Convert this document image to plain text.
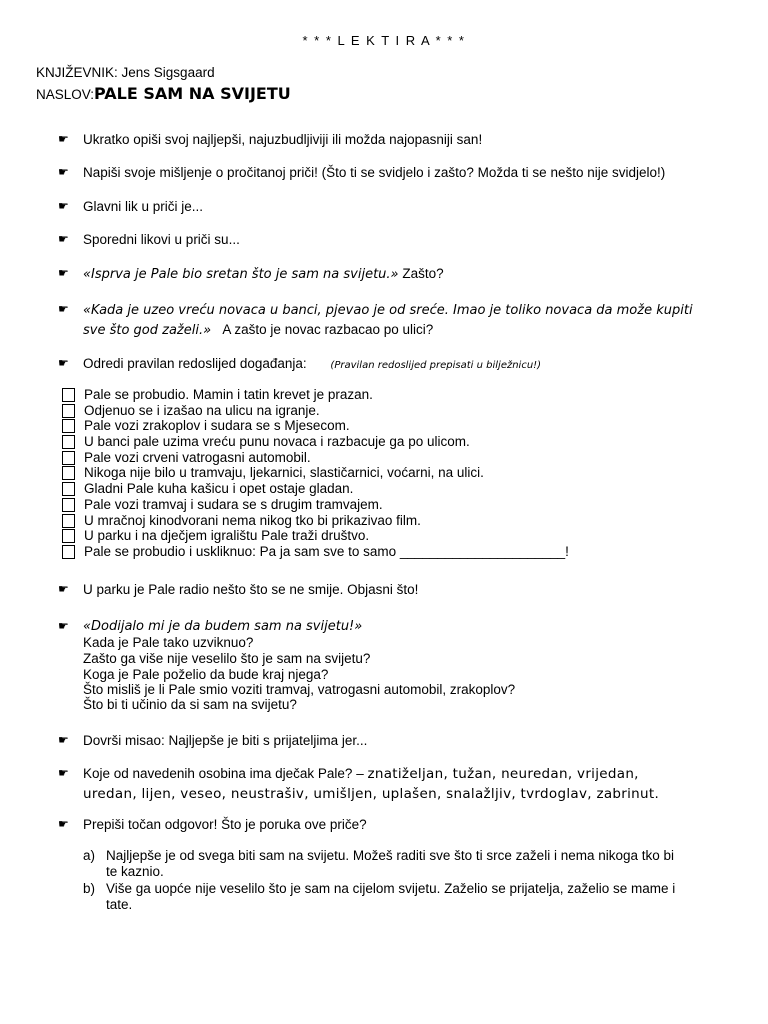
* * * L E K T I R A * * *
KNJIŽEVNIK: Jens Sigsgaard
NASLOV:PALE SAM NA SVIJETU
☛ Ukratko opiši svoj najljepši, najuzbudljiviji ili možda najopasniji san!
☛ Napiši svoje mišljenje o pročitanoj priči! (Što ti se svidjelo i zašto? Možda ti se nešto nije svidjelo!)
☛ Glavni lik u priči je...
☛ Sporedni likovi u priči su...
☛ «Isprva je Pale bio sretan što je sam na svijetu.» Zašto?
☛ «Kada je uzeo vreću novaca u banci, pjevao je od sreće. Imao je toliko novaca da može kupiti
sve što god zaželi.» A zašto je novac razbacao po ulici?
☛ Odredi pravilan redoslijed događanja: (Pravilan redoslijed prepisati u bilježnicu!)
Pale se probudio. Mamin i tatin krevet je prazan.
Odjenuo se i izašao na ulicu na igranje.
Pale vozi zrakoplov i sudara se s Mjesecom.
U banci pale uzima vreću punu novaca i razbacuje ga po ulicom.
Pale vozi crveni vatrogasni automobil.
Nikoga nije bilo u tramvaju, ljekarnici, slastičarnici, voćarni, na ulici.
Gladni Pale kuha kašicu i opet ostaje gladan.
Pale vozi tramvaj i sudara se s drugim tramvajem.
U mračnoj kinodvorani nema nikog tko bi prikazivao film.
U parku i na dječjem igralištu Pale traži društvo.
Pale se probudio i uskliknuo: Pa ja sam sve to samo ______________________!
☛ U parku je Pale radio nešto što se ne smije. Objasni što!
☛ «Dodijalo mi je da budem sam na svijetu!»
Kada je Pale tako uzviknuo?
Zašto ga više nije veselilo što je sam na svijetu?
Koga je Pale poželio da bude kraj njega?
Što misliš je li Pale smio voziti tramvaj, vatrogasni automobil, zrakoplov?
Što bi ti učinio da si sam na svijetu?
☛ Dovrši misao: Najljepše je biti s prijateljima jer...
☛ Koje od navedenih osobina ima dječak Pale? – znatiželjan, tužan, neuredan, vrijedan,
uredan, lijen, veseo, neustrašiv, umišljen, uplašen, snalažljiv, tvrdoglav, zabrinut.
☛ Prepiši točan odgovor! Što je poruka ove priče?
a) Najljepše je od svega biti sam na svijetu. Možeš raditi sve što ti srce zaželi i nema nikoga tko bi
te kaznio.
b) Više ga uopće nije veselilo što je sam na cijelom svijetu. Zaželio se prijatelja, zaželio se mame i
tate.
